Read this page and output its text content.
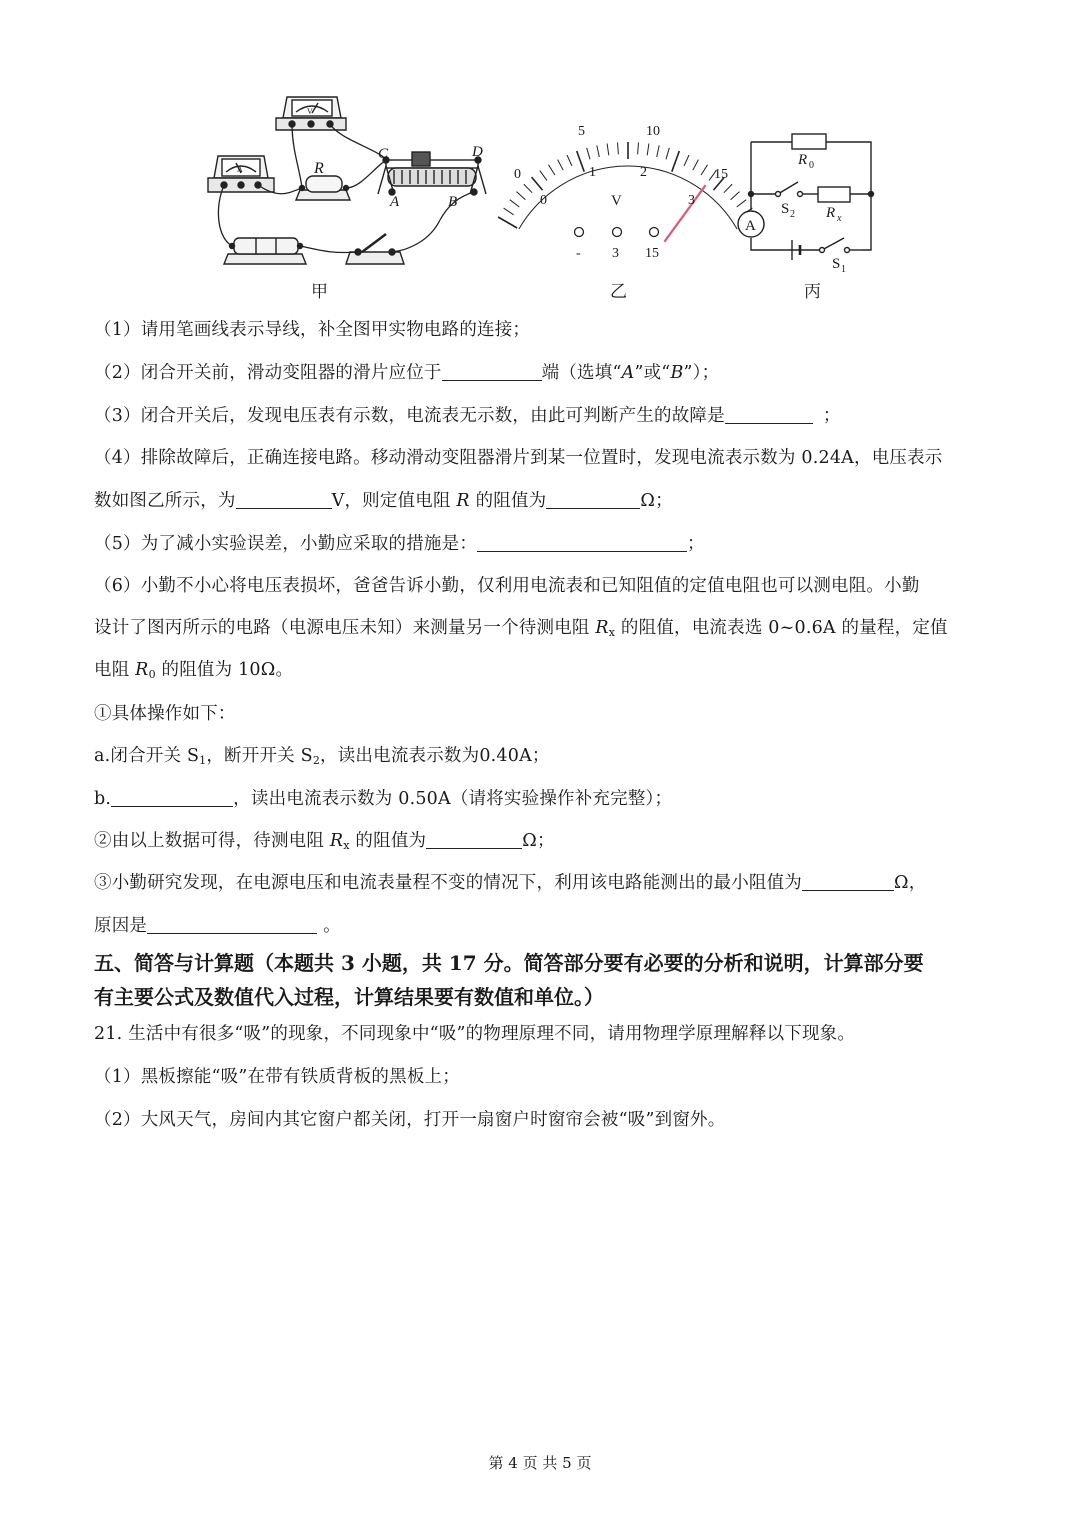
V
A	R
C	D
A	B
甲
0
5	10
15
0
1	2
3
V
- 3 15
乙
A
R 0
R x
S 2
S 1
丙
（1）请用笔画线表示导线，补全图甲实物电路的连接；
（2）闭合开关前，滑动变阻器的滑片应位于	端（选填“A”或“B”）；
（3）闭合开关后，发现电压表有示数，电流表无示数，由此可判断产生的故障是	；
（4）排除故障后，正确连接电路。移动滑动变阻器滑片到某一位置时，发现电流表示数为 0.24A，电压表示
数如图乙所示，为	V，则定值电阻 R 的阻值为	Ω；
（5）为了减小实验误差，小勤应采取的措施是：	；
（6）小勤不小心将电压表损坏，爸爸告诉小勤，仅利用电流表和已知阻值的定值电阻也可以测电阻。小勤
设计了图丙所示的电路（电源电压未知）来测量另一个待测电阻 $R_x$ 的阻值，电流表选 0~0.6A 的量程，定值
电阻 $R_0$ 的阻值为 10Ω。
①具体操作如下：
a.闭合开关 $S_1$，断开开关 $S_2$，读出电流表示数为0.40A；
b.	，读出电流表示数为 0.50A（请将实验操作补充完整）；
②由以上数据可得，待测电阻 $R_x$ 的阻值为	Ω；
③小勤研究发现，在电源电压和电流表量程不变的情况下，利用该电路能测出的最小阻值为	Ω，
原因是	。
五、简答与计算题（本题共 3 小题，共 17 分。简答部分要有必要的分析和说明，计算部分要
有主要公式及数值代入过程，计算结果要有数值和单位。）
21. 生活中有很多“吸”的现象，不同现象中“吸”的物理原理不同，请用物理学原理解释以下现象。
（1）黑板擦能“吸”在带有铁质背板的黑板上；
（2）大风天气，房间内其它窗户都关闭，打开一扇窗户时窗帘会被“吸”到窗外。
第 4 页 共 5 页
